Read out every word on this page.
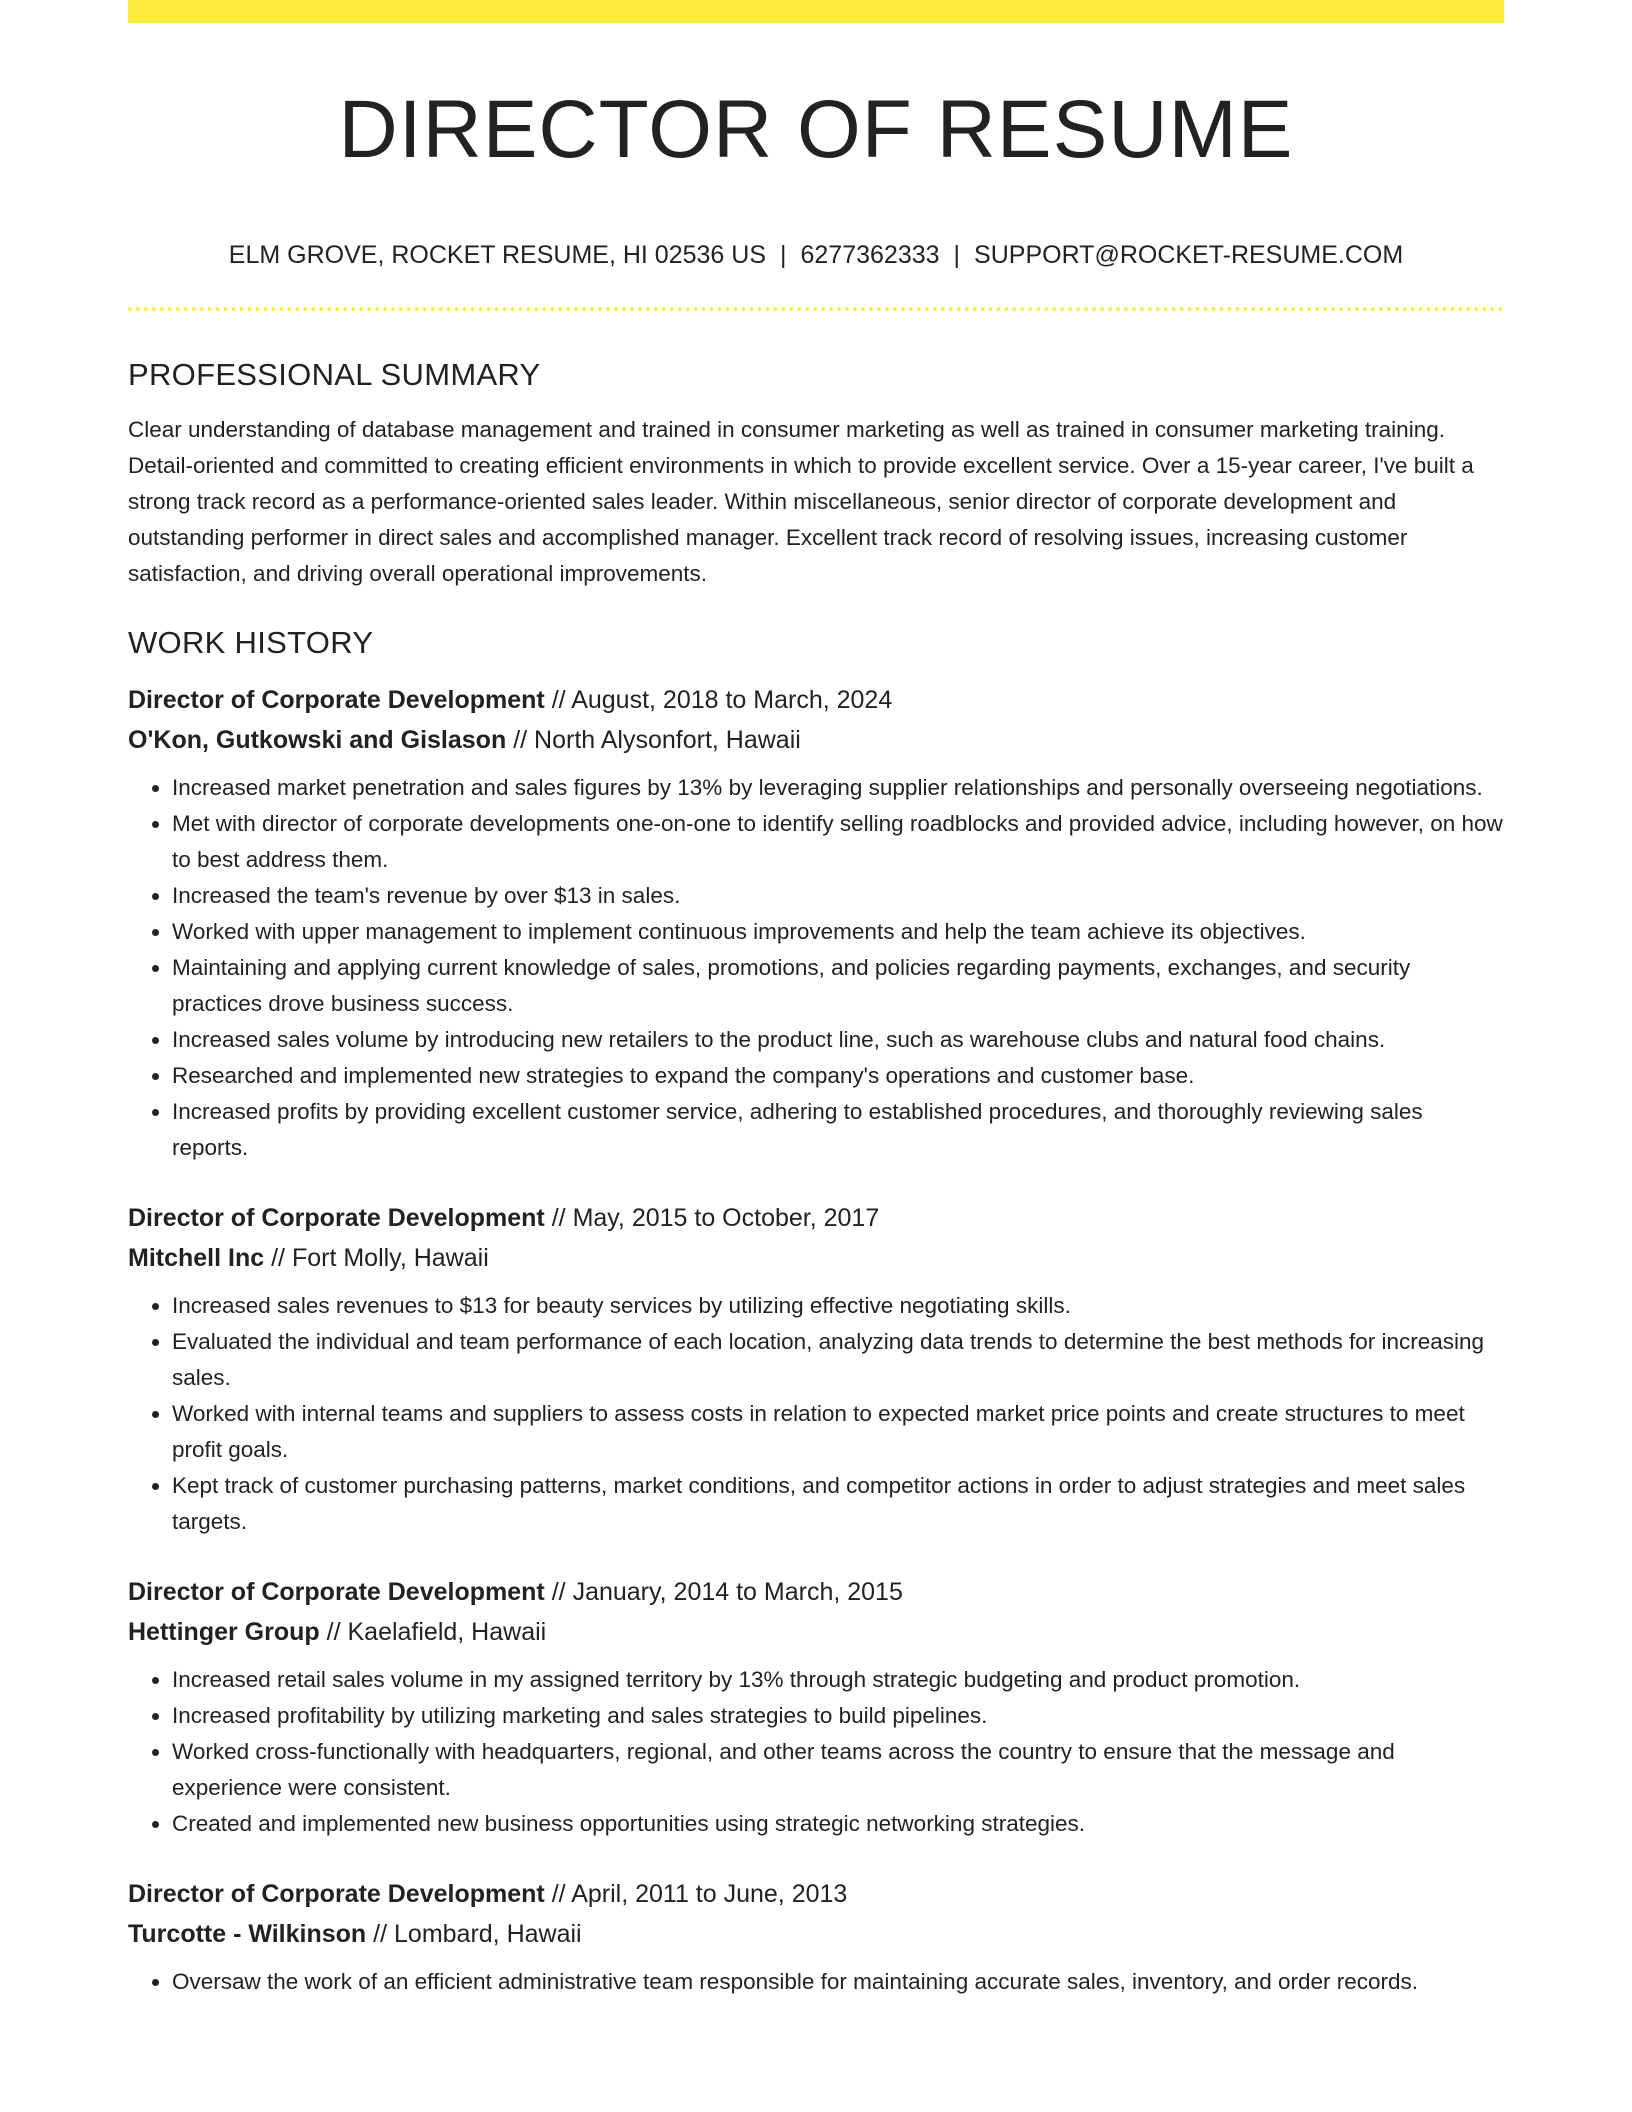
DIRECTOR OF RESUME
ELM GROVE, ROCKET RESUME, HI 02536 US | 6277362333 | SUPPORT@ROCKET-RESUME.COM
PROFESSIONAL SUMMARY

Clear understanding of database management and trained in consumer marketing as well as trained in consumer marketing training. Detail-oriented and committed to creating efficient environments in which to provide excellent service. Over a 15-year career, I've built a strong track record as a performance-oriented sales leader. Within miscellaneous, senior director of corporate development and outstanding performer in direct sales and accomplished manager. Excellent track record of resolving issues, increasing customer satisfaction, and driving overall operational improvements.

WORK HISTORY
Director of Corporate Development // August, 2018 to March, 2024
O'Kon, Gutkowski and Gislason // North Alysonfort, Hawaii
• Increased market penetration and sales figures by 13% by leveraging supplier relationships and personally overseeing negotiations.
• Met with director of corporate developments one-on-one to identify selling roadblocks and provided advice, including however, on how to best address them.
• Increased the team's revenue by over $13 in sales.
• Worked with upper management to implement continuous improvements and help the team achieve its objectives.
• Maintaining and applying current knowledge of sales, promotions, and policies regarding payments, exchanges, and security practices drove business success.
• Increased sales volume by introducing new retailers to the product line, such as warehouse clubs and natural food chains.
• Researched and implemented new strategies to expand the company's operations and customer base.
• Increased profits by providing excellent customer service, adhering to established procedures, and thoroughly reviewing sales reports.
Director of Corporate Development // May, 2015 to October, 2017
Mitchell Inc // Fort Molly, Hawaii
• Increased sales revenues to $13 for beauty services by utilizing effective negotiating skills.
• Evaluated the individual and team performance of each location, analyzing data trends to determine the best methods for increasing sales.
• Worked with internal teams and suppliers to assess costs in relation to expected market price points and create structures to meet profit goals.
• Kept track of customer purchasing patterns, market conditions, and competitor actions in order to adjust strategies and meet sales targets.
Director of Corporate Development // January, 2014 to March, 2015
Hettinger Group // Kaelafield, Hawaii
• Increased retail sales volume in my assigned territory by 13% through strategic budgeting and product promotion.
• Increased profitability by utilizing marketing and sales strategies to build pipelines.
• Worked cross-functionally with headquarters, regional, and other teams across the country to ensure that the message and experience were consistent.
• Created and implemented new business opportunities using strategic networking strategies.
Director of Corporate Development // April, 2011 to June, 2013
Turcotte - Wilkinson // Lombard, Hawaii
• Oversaw the work of an efficient administrative team responsible for maintaining accurate sales, inventory, and order records.
